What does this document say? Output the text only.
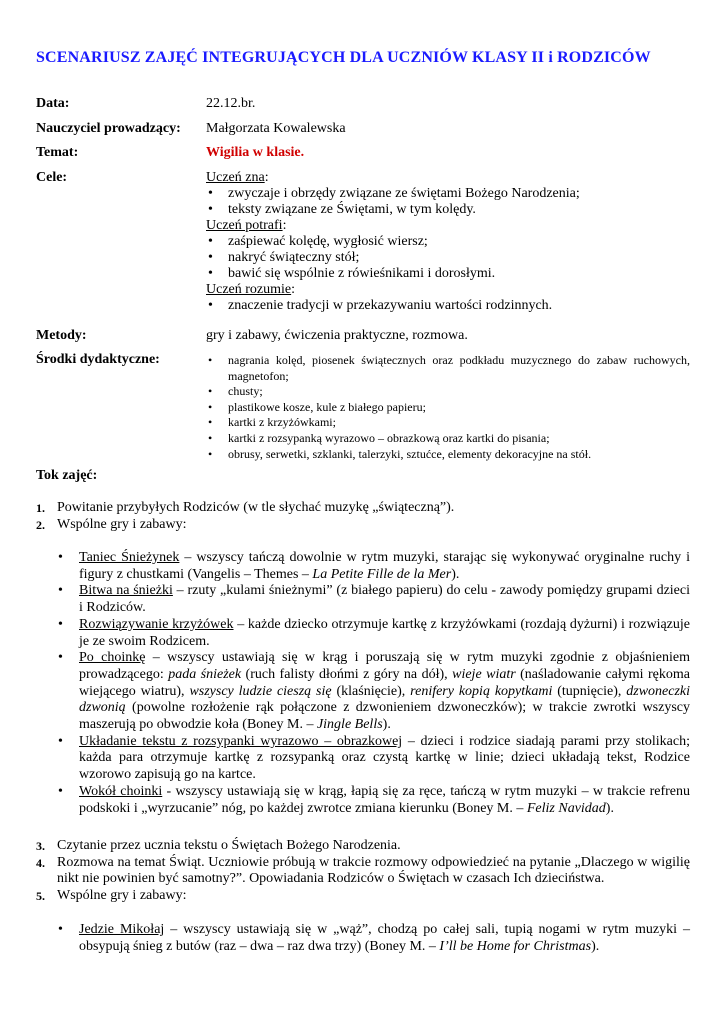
SCENARIUSZ ZAJĘĆ INTEGRUJĄCYCH DLA UCZNIÓW KLASY II i RODZICÓW
Data:	22.12.br.
Nauczyciel prowadzący: Małgorzata Kowalewska
Temat:	Wigilia w klasie.
Cele:	Uczeń zna:
• zwyczaje i obrzędy związane ze świętami Bożego Narodzenia;
• teksty związane ze Świętami, w tym kolędy.
Uczeń potrafi:
• zaśpiewać kolędę, wygłosić wiersz;
• nakryć świąteczny stół;
• bawić się wspólnie z rówieśnikami i dorosłymi.
Uczeń rozumie:
• znaczenie tradycji w przekazywaniu wartości rodzinnych.
Metody:	gry i zabawy, ćwiczenia praktyczne, rozmowa.
Środki dydaktyczne:	• nagrania kolęd, piosenek świątecznych oraz podkładu muzycznego do zabaw ruchowych, magnetofon;
• chusty;
• plastikowe kosze, kule z białego papieru;
• kartki z krzyżówkami;
• kartki z rozsypanką wyrazowo – obrazkową oraz kartki do pisania;
• obrusy, serwetki, szklanki, talerzyki, sztućce, elementy dekoracyjne na stół.
Tok zajęć:
1. Powitanie przybyłych Rodziców (w tle słychać muzykę „świąteczną”).
2. Wspólne gry i zabawy:
• Taniec Śnieżynek – wszyscy tańczą dowolnie w rytm muzyki, starając się wykonywać oryginalne ruchy i figury z chustkami (Vangelis – Themes – La Petite Fille de la Mer).
• Bitwa na śnieżki – rzuty „kulami śnieżnymi” (z białego papieru) do celu - zawody pomiędzy grupami dzieci i Rodziców.
• Rozwiązywanie krzyżówek – każde dziecko otrzymuje kartkę z krzyżówkami (rozdają dyżurni) i rozwiązuje je ze swoim Rodzicem.
• Po choinkę – wszyscy ustawiają się w krąg i poruszają się w rytm muzyki zgodnie z objaśnieniem prowadzącego: pada śnieżek (ruch falisty dłońmi z góry na dół), wieje wiatr (naśladowanie całymi rękoma wiejącego wiatru), wszyscy ludzie cieszą się (klaśnięcie), renifery kopią kopytkami (tupnięcie), dzwoneczki dzwonią (powolne rozłożenie rąk połączone z dzwonieniem dzwoneczków); w trakcie zwrotki wszyscy maszerują po obwodzie koła (Boney M. – Jingle Bells).
• Układanie tekstu z rozsypanki wyrazowo – obrazkowej – dzieci i rodzice siadają parami przy stolikach; każda para otrzymuje kartkę z rozsypanką oraz czystą kartkę w linie; dzieci układają tekst, Rodzice wzorowo zapisują go na kartce.
• Wokół choinki - wszyscy ustawiają się w krąg, łapią się za ręce, tańczą w rytm muzyki – w trakcie refrenu podskoki i „wyrzucanie” nóg, po każdej zwrotce zmiana kierunku (Boney M. – Feliz Navidad).
3. Czytanie przez ucznia tekstu o Świętach Bożego Narodzenia.
4. Rozmowa na temat Świąt. Uczniowie próbują w trakcie rozmowy odpowiedzieć na pytanie „Dlaczego w wigilię nikt nie powinien być samotny?”. Opowiadania Rodziców o Świętach w czasach Ich dzieciństwa.
5. Wspólne gry i zabawy:
• Jedzie Mikołaj – wszyscy ustawiają się w „wąż”, chodzą po całej sali, tupią nogami w rytm muzyki – obsypują śnieg z butów (raz – dwa – raz dwa trzy) (Boney M. – I’ll be Home for Christmas).
